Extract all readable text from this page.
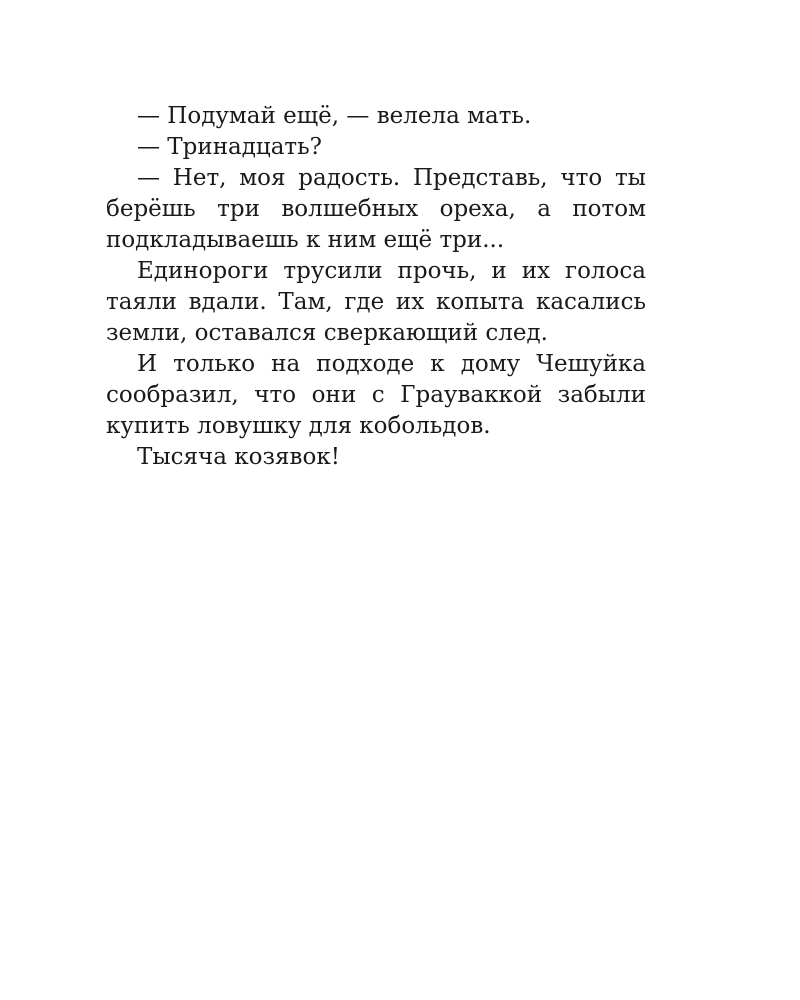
— Подумай ещё, — велела мать.

— Тринадцать?

— Нет, моя радость. Представь, что ты берёшь три волшебных ореха, а потом подкладываешь к ним ещё три...

Единороги трусили прочь, и их голоса таяли вдали. Там, где их копыта касались земли, оставался сверкающий след.

И только на подходе к дому Чешуйка сообразил, что они с Грауваккой забыли купить ловушку для кобольдов.

Тысяча козявок!
